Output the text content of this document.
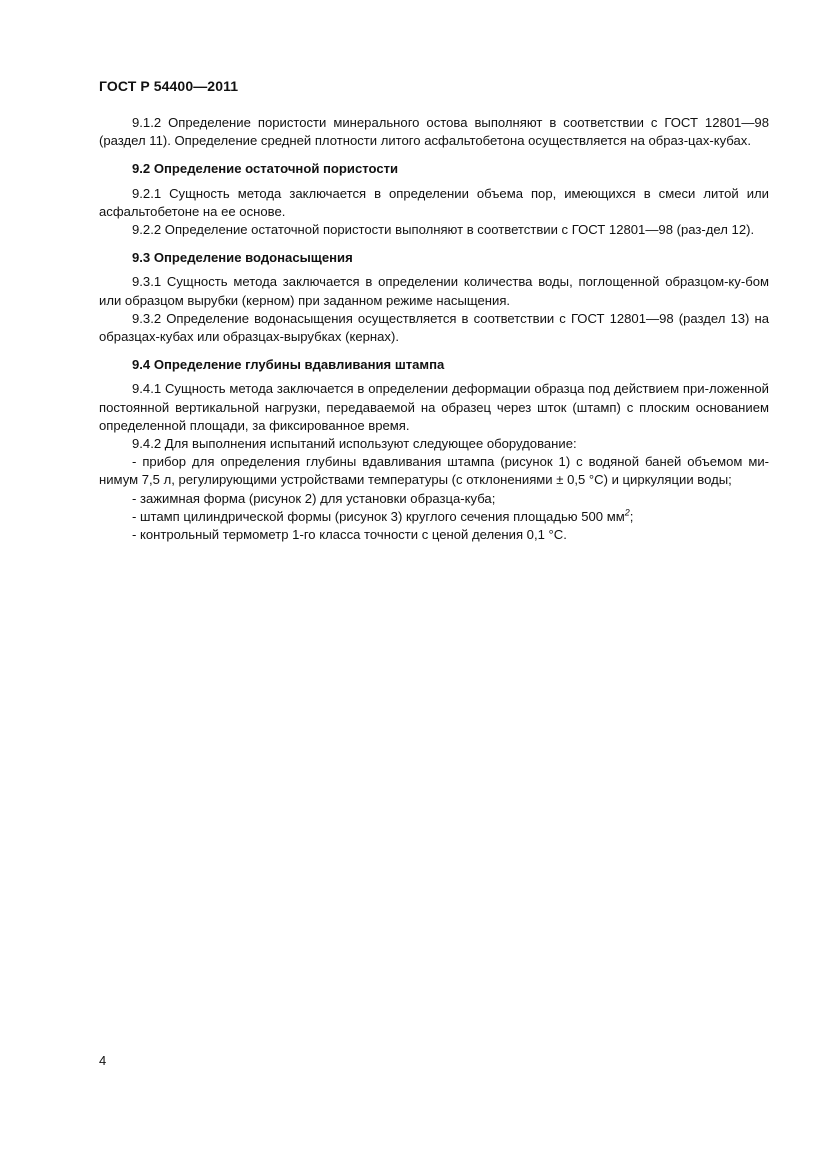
ГОСТ Р 54400—2011

9.1.2 Определение пористости минерального остова выполняют в соответствии с ГОСТ 12801—98 (раздел 11). Определение средней плотности литого асфальтобетона осуществляется на образ-цах-кубах.

9.2 Определение остаточной пористости

9.2.1 Сущность метода заключается в определении объема пор, имеющихся в смеси литой или асфальтобетоне на ее основе.

9.2.2 Определение остаточной пористости выполняют в соответствии с ГОСТ 12801—98 (раз-дел 12).

9.3 Определение водонасыщения

9.3.1 Сущность метода заключается в определении количества воды, поглощенной образцом-ку-бом или образцом вырубки (керном) при заданном режиме насыщения.

9.3.2 Определение водонасыщения осуществляется в соответствии с ГОСТ 12801—98 (раздел 13) на образцах-кубах или образцах-вырубках (кернах).

9.4 Определение глубины вдавливания штампа

9.4.1 Сущность метода заключается в определении деформации образца под действием при-ложенной постоянной вертикальной нагрузки, передаваемой на образец через шток (штамп) с плоским основанием определенной площади, за фиксированное время.

9.4.2 Для выполнения испытаний используют следующее оборудование:

- прибор для определения глубины вдавливания штампа (рисунок 1) с водяной баней объемом ми-нимум 7,5 л, регулирующими устройствами температуры (с отклонениями ± 0,5 °С) и циркуляции воды;

- зажимная форма (рисунок 2) для установки образца-куба;

- штамп цилиндрической формы (рисунок 3) круглого сечения площадью 500 $мм^2$;

- контрольный термометр 1-го класса точности с ценой деления 0,1 °С.

4
